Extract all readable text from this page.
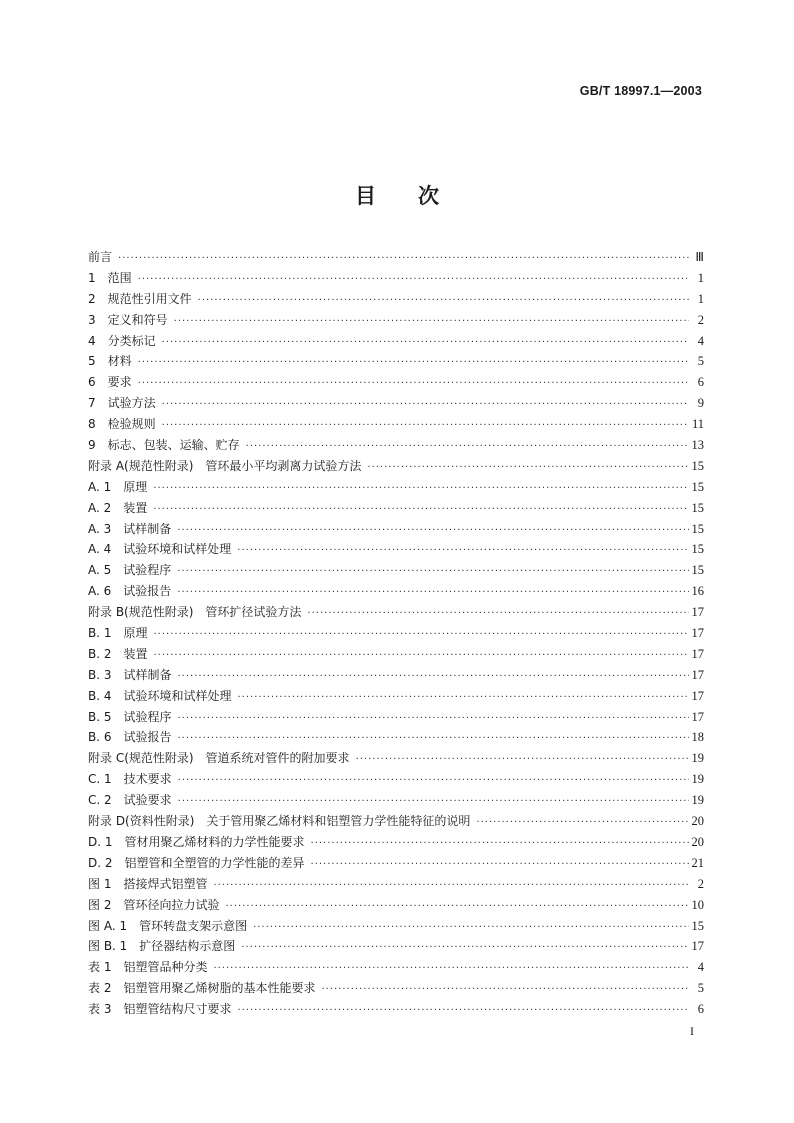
GB/T 18997.1—2003
目 次
前言 ·····	Ⅲ
1　范围 ·····	1
2　规范性引用文件 ·····	1
3　定义和符号 ·····	2
4　分类标记 ·····	4
5　材料 ·····	5
6　要求 ·····	6
7　试验方法 ·····	9
8　检验规则 ·····	11
9　标志、包装、运输、贮存 ·····	13
附录 A(规范性附录)　管环最小平均剥离力试验方法 ·····	15
A. 1　原理 ·····	15
A. 2　装置 ·····	15
A. 3　试样制备 ·····	15
A. 4　试验环境和试样处理 ·····	15
A. 5　试验程序 ·····	15
A. 6　试验报告 ·····	16
附录 B(规范性附录)　管环扩径试验方法 ·····	17
B. 1　原理 ·····	17
B. 2　装置 ·····	17
B. 3　试样制备 ·····	17
B. 4　试验环境和试样处理 ·····	17
B. 5　试验程序 ·····	17
B. 6　试验报告 ·····	18
附录 C(规范性附录)　管道系统对管件的附加要求 ·····	19
C. 1　技术要求 ·····	19
C. 2　试验要求 ·····	19
附录 D(资料性附录)　关于管用聚乙烯材料和铝塑管力学性能特征的说明 ·····	20
D. 1　管材用聚乙烯材料的力学性能要求 ·····	20
D. 2　铝塑管和全塑管的力学性能的差异 ·····	21
图 1　搭接焊式铝塑管 ·····	2
图 2　管环径向拉力试验 ·····	10
图 A. 1　管环转盘支架示意图 ·····	15
图 B. 1　扩径器结构示意图 ·····	17
表 1　铝塑管品种分类 ·····	4
表 2　铝塑管用聚乙烯树脂的基本性能要求 ·····	5
表 3　铝塑管结构尺寸要求 ·····	6
I
